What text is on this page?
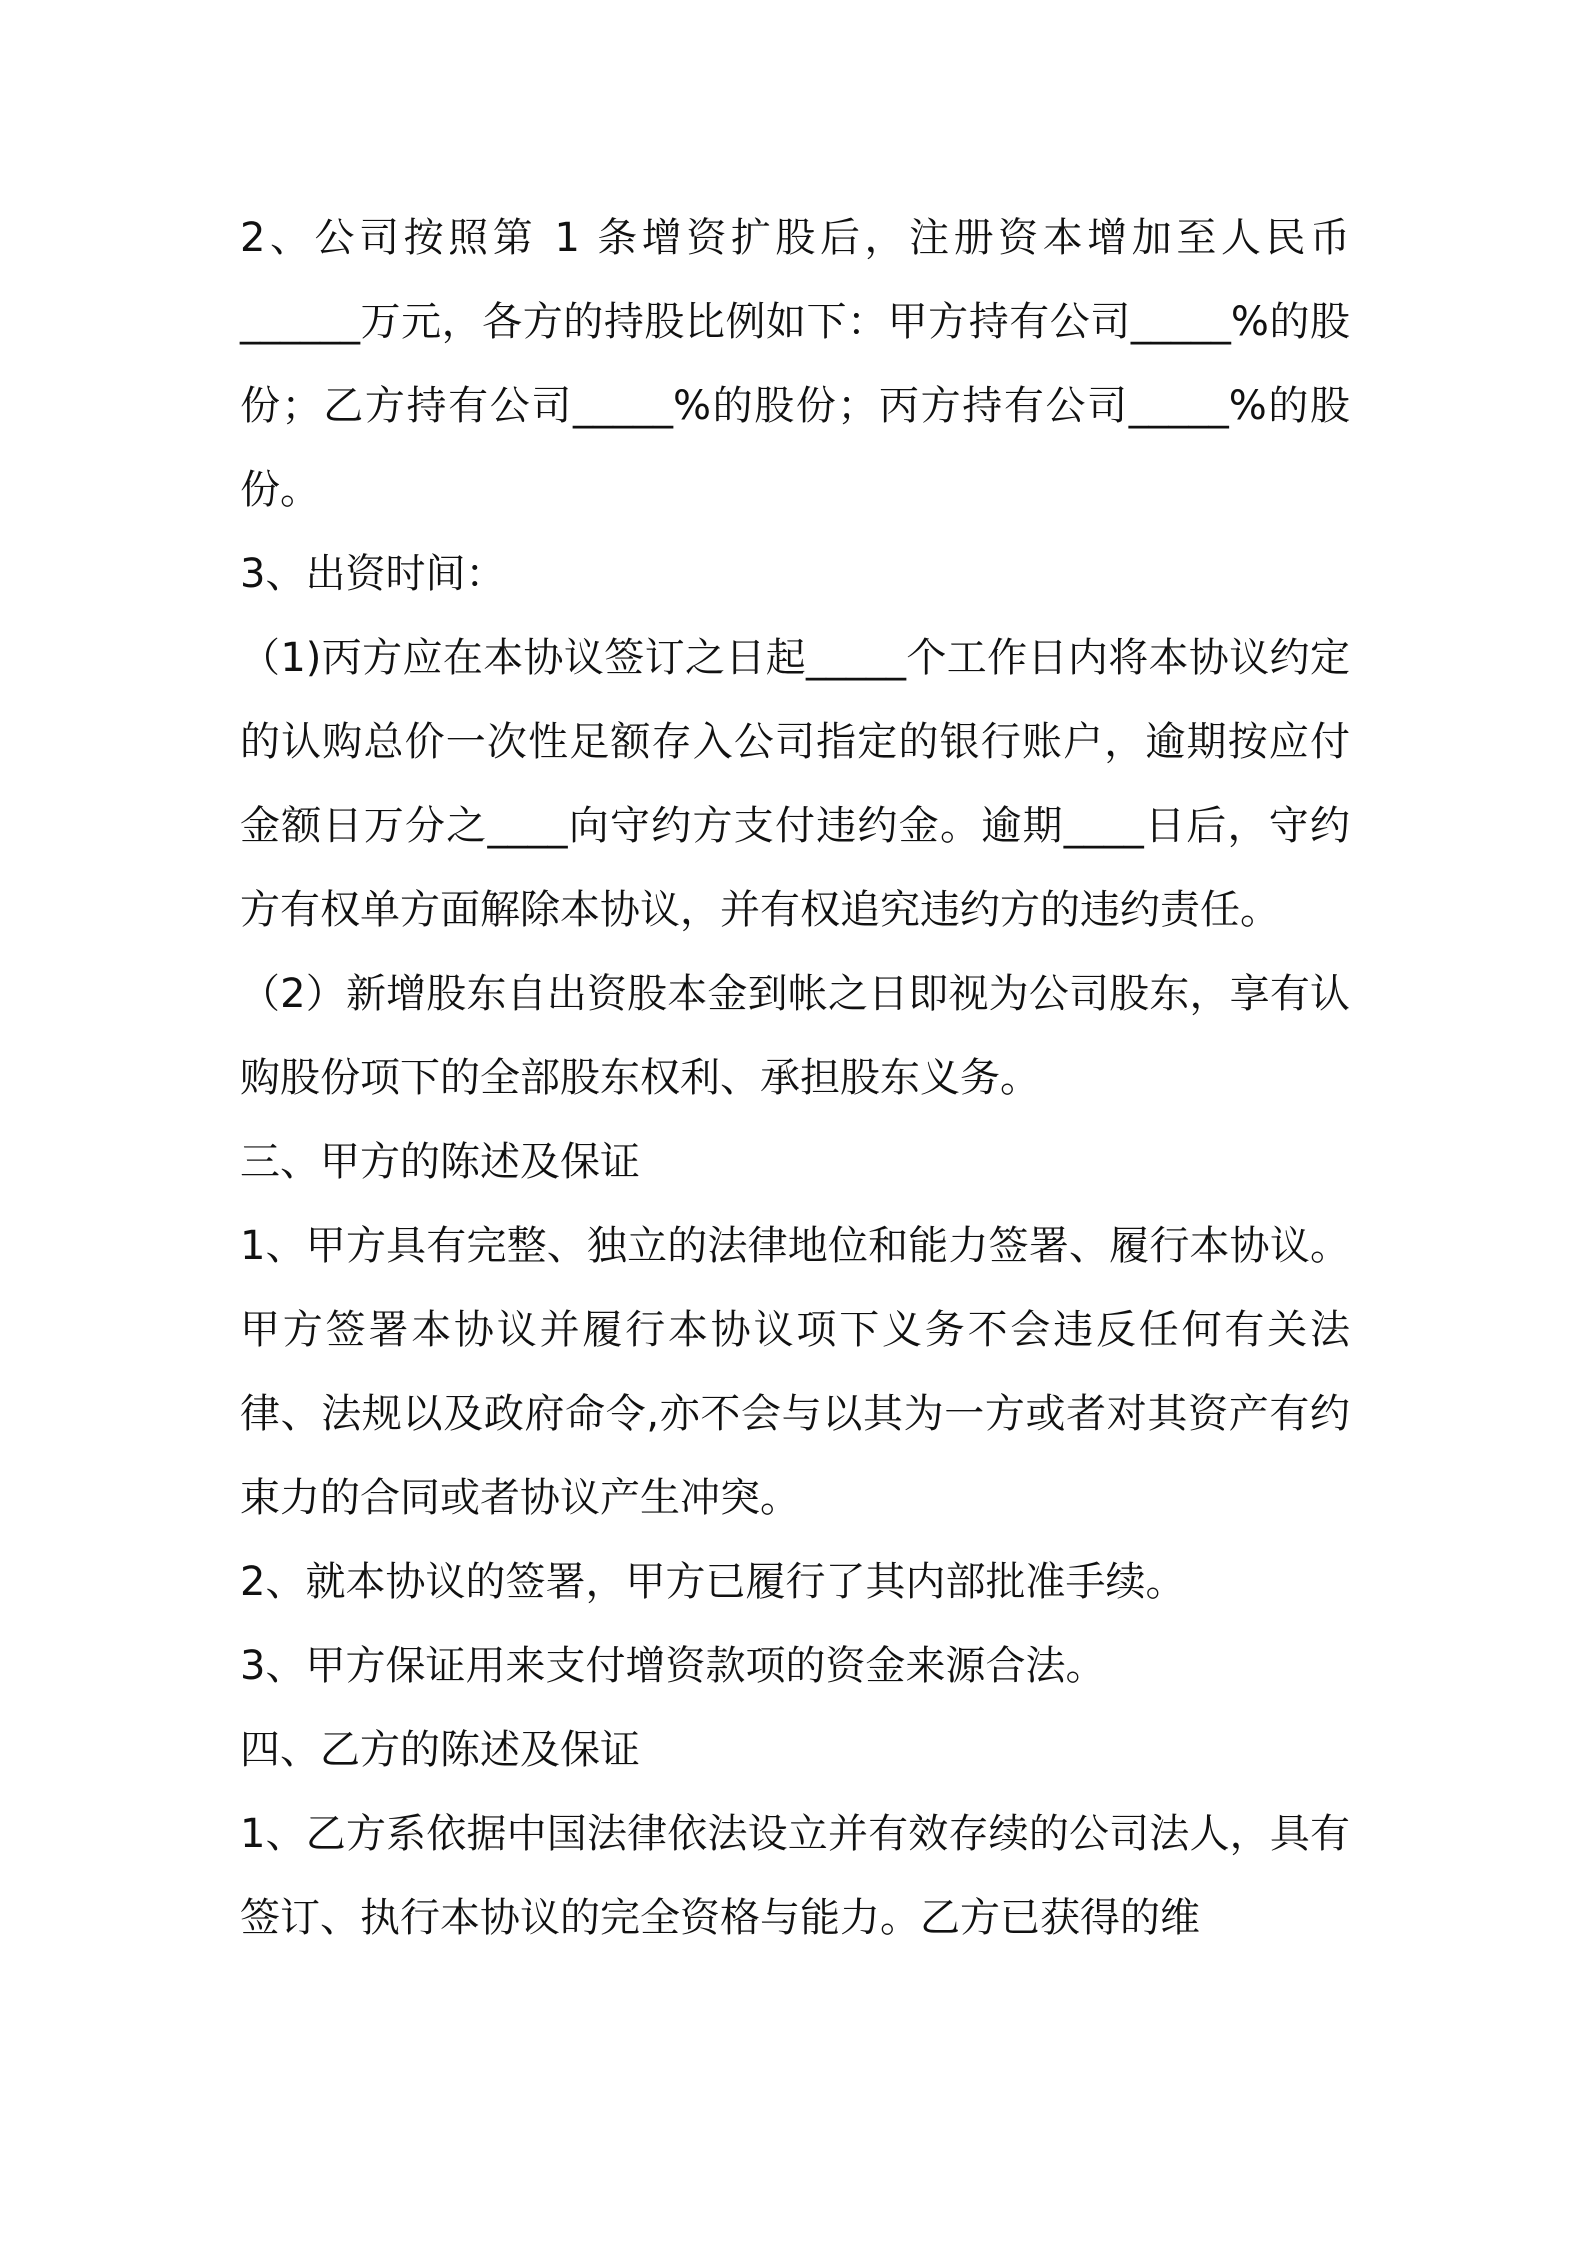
2、公司按照第 1 条增资扩股后，注册资本增加至人民币______万元，各方的持股比例如下：甲方持有公司_____%的股份；乙方持有公司_____%的股份；丙方持有公司_____%的股份。

3、出资时间：

（1)丙方应在本协议签订之日起_____个工作日内将本协议约定的认购总价一次性足额存入公司指定的银行账户，逾期按应付金额日万分之____向守约方支付违约金。逾期____日后，守约方有权单方面解除本协议，并有权追究违约方的违约责任。

（2）新增股东自出资股本金到帐之日即视为公司股东，享有认购股份项下的全部股东权利、承担股东义务。

三、甲方的陈述及保证

1、甲方具有完整、独立的法律地位和能力签署、履行本协议。甲方签署本协议并履行本协议项下义务不会违反任何有关法律、法规以及政府命令,亦不会与以其为一方或者对其资产有约束力的合同或者协议产生冲突。

2、就本协议的签署，甲方已履行了其内部批准手续。

3、甲方保证用来支付增资款项的资金来源合法。

四、乙方的陈述及保证

1、乙方系依据中国法律依法设立并有效存续的公司法人，具有签订、执行本协议的完全资格与能力。乙方已获得的维
